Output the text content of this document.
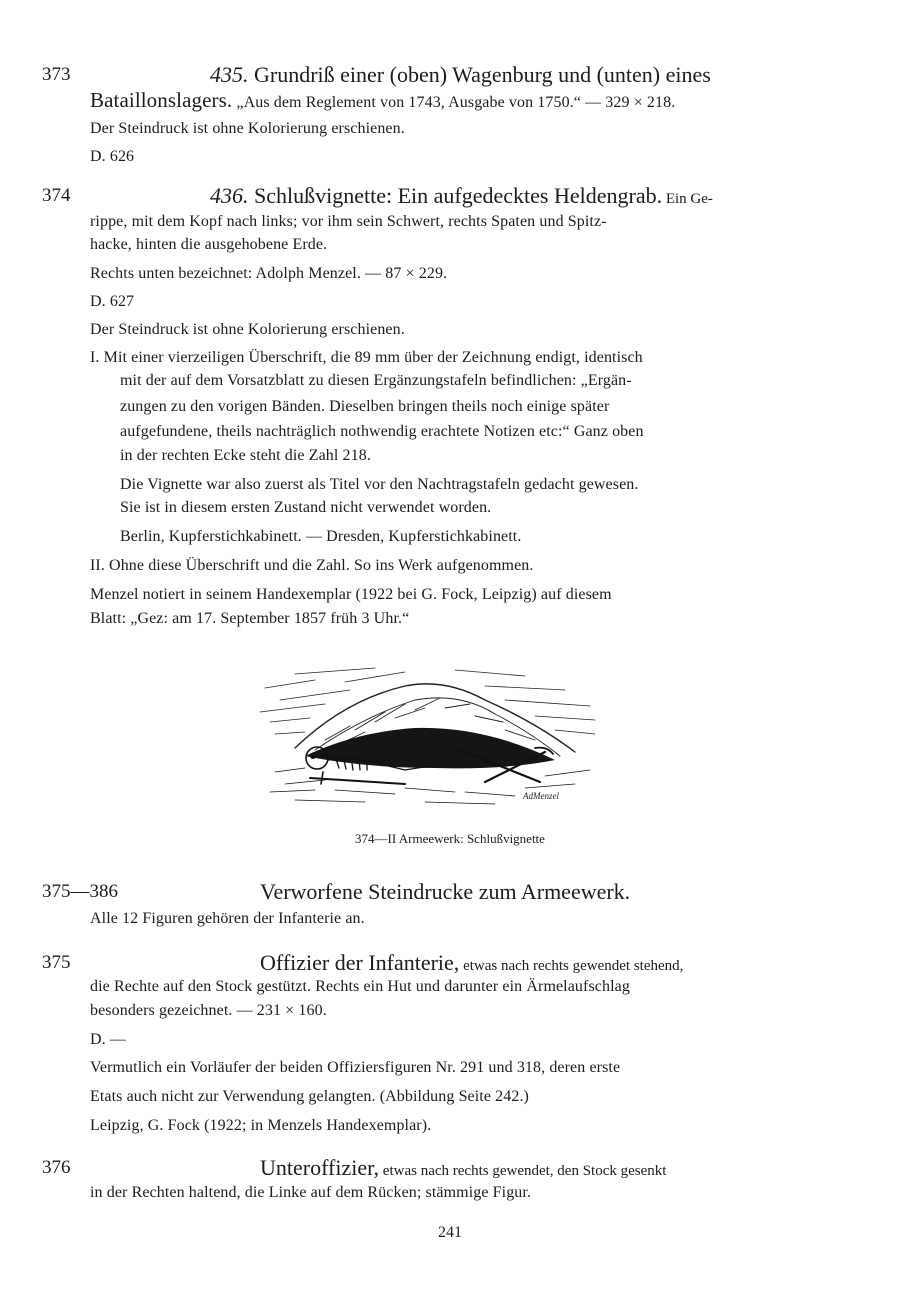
373	435. Grundriß einer (oben) Wagenburg und (unten) eines
Bataillonslagers. „Aus dem Reglement von 1743, Ausgabe von 1750.“ — 329 × 218.
Der Steindruck ist ohne Kolorierung erschienen.
D. 626
374	436. Schlußvignette: Ein aufgedecktes Heldengrab. Ein Ge-
rippe, mit dem Kopf nach links; vor ihm sein Schwert, rechts Spaten und Spitz-
hacke, hinten die ausgehobene Erde.
Rechts unten bezeichnet: Adolph Menzel. — 87 × 229.
D. 627
Der Steindruck ist ohne Kolorierung erschienen.
I. Mit einer vierzeiligen Überschrift, die 89 mm über der Zeichnung endigt, identisch
mit der auf dem Vorsatzblatt zu diesen Ergänzungstafeln befindlichen: „Ergän-
zungen zu den vorigen Bänden. Dieselben bringen theils noch einige später
aufgefundene, theils nachträglich nothwendig erachtete Notizen etc:“ Ganz oben
in der rechten Ecke steht die Zahl 218.
Die Vignette war also zuerst als Titel vor den Nachtragstafeln gedacht gewesen.
Sie ist in diesem ersten Zustand nicht verwendet worden.
Berlin, Kupferstichkabinett. — Dresden, Kupferstichkabinett.
II. Ohne diese Überschrift und die Zahl. So ins Werk aufgenommen.
Menzel notiert in seinem Handexemplar (1922 bei G. Fock, Leipzig) auf diesem
Blatt: „Gez: am 17. September 1857 früh 3 Uhr.“
AdMenzel
374—II Armeewerk: Schlußvignette
375—386	Verworfene Steindrucke zum Armeewerk.
Alle 12 Figuren gehören der Infanterie an.
375	Offizier der Infanterie, etwas nach rechts gewendet stehend,
die Rechte auf den Stock gestützt. Rechts ein Hut und darunter ein Ärmelaufschlag
besonders gezeichnet. — 231 × 160.
D. —
Vermutlich ein Vorläufer der beiden Offiziersfiguren Nr. 291 und 318, deren erste
Etats auch nicht zur Verwendung gelangten. (Abbildung Seite 242.)
Leipzig, G. Fock (1922; in Menzels Handexemplar).
376	Unteroffizier, etwas nach rechts gewendet, den Stock gesenkt
in der Rechten haltend, die Linke auf dem Rücken; stämmige Figur.
241
